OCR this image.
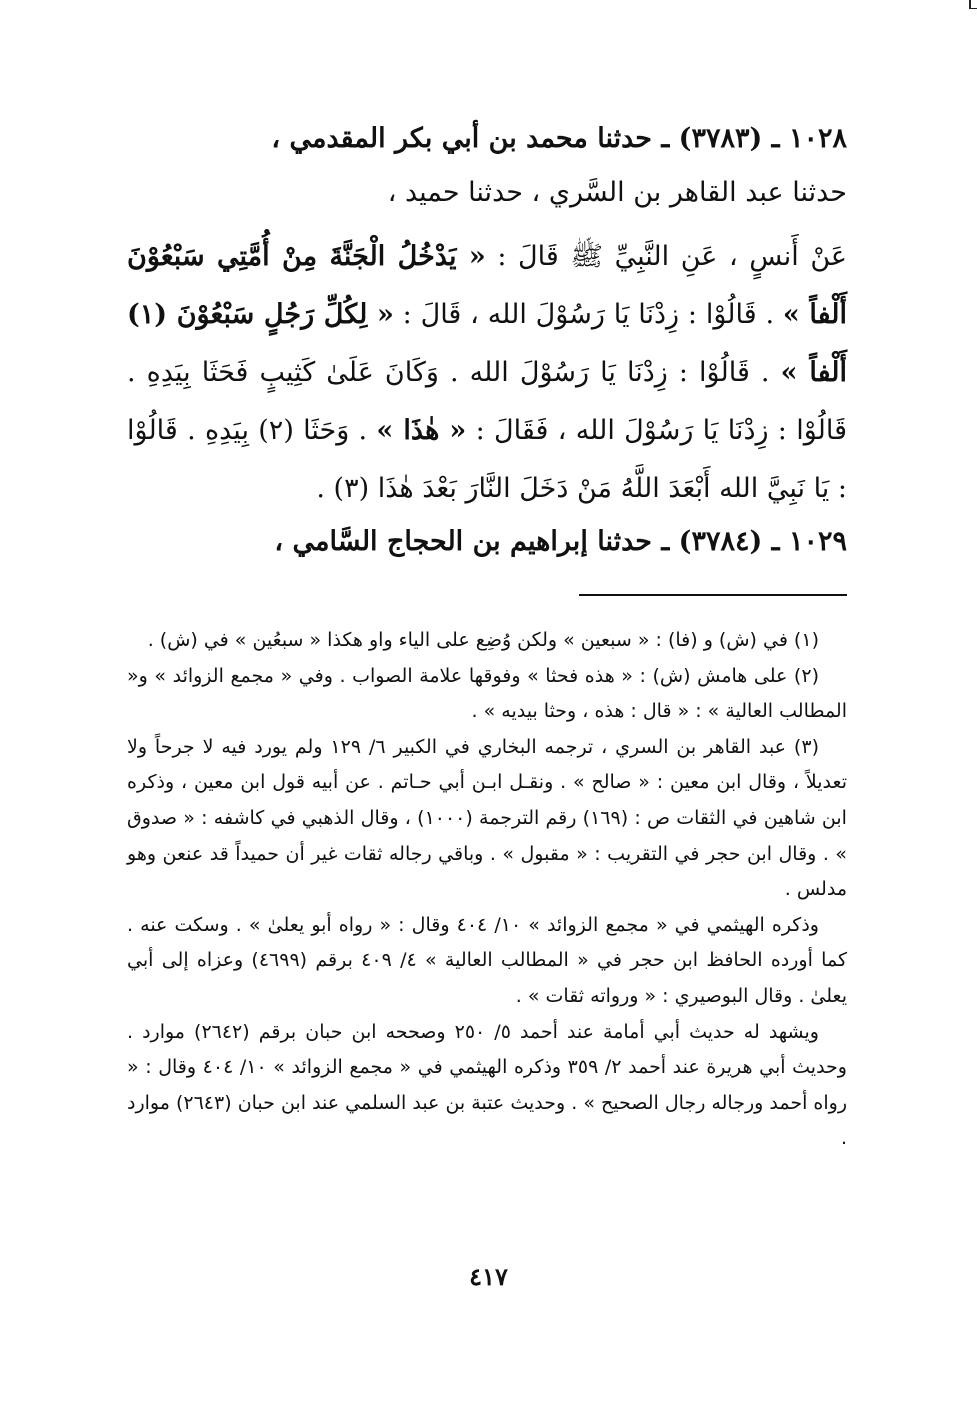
١٠٢٨ ـ (٣٧٨٣) ـ حدثنا محمد بن أبي بكر المقدمي ،
حدثنا عبد القاهر بن السَّري ، حدثنا حميد ،
عَنْ أَنسٍ ، عَنِ النَّبِيِّ ﷺ قَالَ : « يَدْخُلُ الْجَنَّةَ مِنْ أُمَّتِي سَبْعُوْنَ أَلْفاً » . قَالُوْا : زِدْنَا يَا رَسُوْلَ الله ، قَالَ : « لِكُلِّ رَجُلٍ سَبْعُوْنَ (١) أَلْفاً » . قَالُوْا : زِدْنَا يَا رَسُوْلَ الله . وَكَانَ عَلَىٰ كَثِيبٍ فَحَثَا بِيَدِهِ . قَالُوْا : زِدْنَا يَا رَسُوْلَ الله ، فَقَالَ : « هٰذَا » . وَحَثَا (٢) بِيَدِهِ . قَالُوْا : يَا نَبِيَّ الله أَبْعَدَ اللَّهُ مَنْ دَخَلَ النَّارَ بَعْدَ هٰذَا (٣) .
١٠٢٩ ـ (٣٧٨٤) ـ حدثنا إبراهيم بن الحجاج السَّامي ،

(١) في (ش) و (فا) : « سبعين » ولكن وُضِع على الياء واو هكذا « سبعُين » في (ش) .

(٢) على هامش (ش) : « هذه فحثا » وفوقها علامة الصواب . وفي « مجمع الزوائد » و« المطالب العالية » : « قال : هذه ، وحثا بيديه » .

(٣) عبد القاهر بن السري ، ترجمه البخاري في الكبير ٦/ ١٢٩ ولم يورد فيه لا جرحاً ولا تعديلاً ، وقال ابن معين : « صالح » . ونقـل ابـن أبي حـاتم . عن أبيه قول ابن معين ، وذكره ابن شاهين في الثقات ص : (١٦٩) رقم الترجمة (١٠٠٠) ، وقال الذهبي في كاشفه : « صدوق » . وقال ابن حجر في التقريب : « مقبول » . وباقي رجاله ثقات غير أن حميداً قد عنعن وهو مدلس .

وذكره الهيثمي في « مجمع الزوائد » ١٠/ ٤٠٤ وقال : « رواه أبو يعلىٰ » . وسكت عنه . كما أورده الحافظ ابن حجر في « المطالب العالية » ٤/ ٤٠٩ برقم (٤٦٩٩) وعزاه إلى أبي يعلىٰ . وقال البوصيري : « ورواته ثقات » .

ويشهد له حديث أبي أمامة عند أحمد ٥/ ٢٥٠ وصححه ابن حبان برقم (٢٦٤٢) موارد . وحديث أبي هريرة عند أحمد ٢/ ٣٥٩ وذكره الهيثمي في « مجمع الزوائد » ١٠/ ٤٠٤ وقال : « رواه أحمد ورجاله رجال الصحيح » . وحديث عتبة بن عبد السلمي عند ابن حبان (٢٦٤٣) موارد .

٤١٧
